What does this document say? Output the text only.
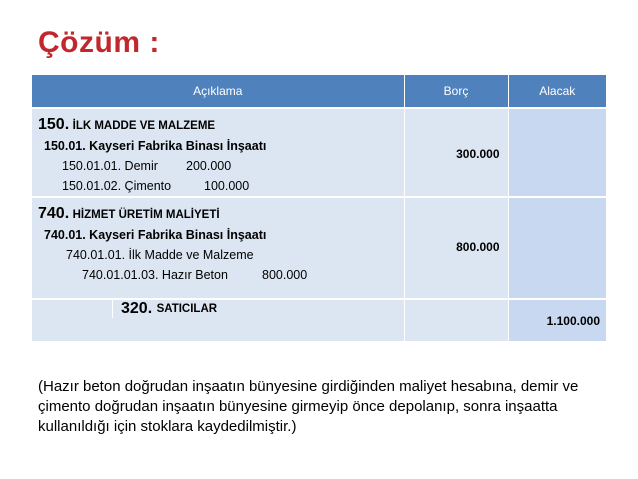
Çözüm :
Açıklama	Borç	Alacak

150. İLK MADDE VE MALZEME
150.01. Kayseri Fabrika Binası İnşaatı
150.01.01. Demir 200.000
150.01.02. Çimento 100.000	300.000	

740. HİZMET ÜRETİM MALİYETİ
740.01. Kayseri Fabrika Binası İnşaatı
740.01.01. İlk Madde ve Malzeme
740.01.01.03. Hazır Beton 800.000	800.000	

320.
SATICILAR		1.100.000
(Hazır beton doğrudan inşaatın bünyesine girdiğinden maliyet hesabına, demir ve çimento doğrudan inşaatın bünyesine girmeyip önce depolanıp, sonra inşaatta kullanıldığı için stoklara kaydedilmiştir.)
